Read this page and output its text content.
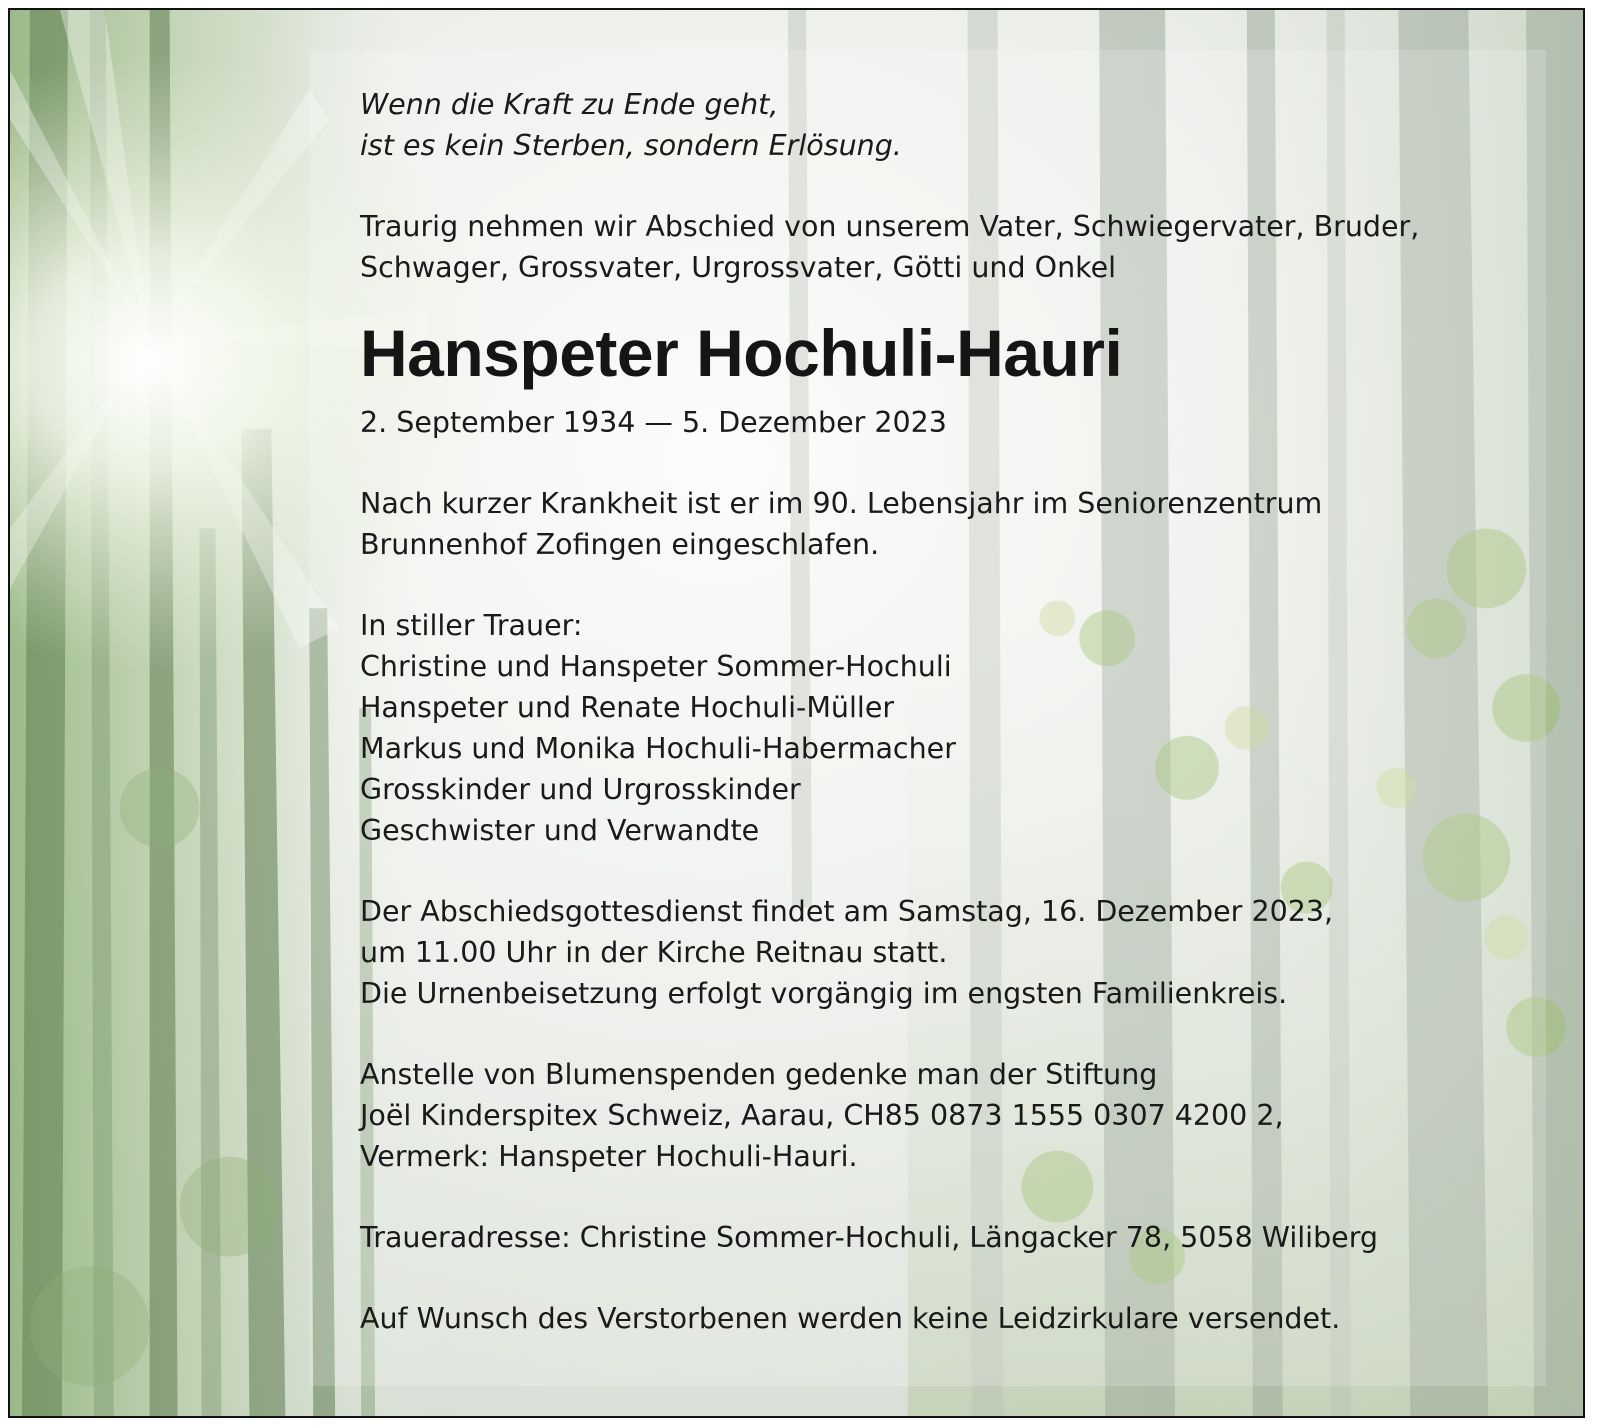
Wenn die Kraft zu Ende geht,
ist es kein Sterben, sondern Erlösung.
Traurig nehmen wir Abschied von unserem Vater, Schwiegervater, Bruder,
Schwager, Grossvater, Urgrossvater, Götti und Onkel
Hanspeter Hochuli-Hauri
2. September 1934 — 5. Dezember 2023
Nach kurzer Krankheit ist er im 90. Lebensjahr im Seniorenzentrum
Brunnenhof Zofingen eingeschlafen.
In stiller Trauer:
Christine und Hanspeter Sommer-Hochuli
Hanspeter und Renate Hochuli-Müller
Markus und Monika Hochuli-Habermacher
Grosskinder und Urgrosskinder
Geschwister und Verwandte
Der Abschiedsgottesdienst findet am Samstag, 16. Dezember 2023,
um 11.00 Uhr in der Kirche Reitnau statt.
Die Urnenbeisetzung erfolgt vorgängig im engsten Familienkreis.
Anstelle von Blumenspenden gedenke man der Stiftung
Joël Kinderspitex Schweiz, Aarau, CH85 0873 1555 0307 4200 2,
Vermerk: Hanspeter Hochuli-Hauri.
Traueradresse: Christine Sommer-Hochuli, Längacker 78, 5058 Wiliberg
Auf Wunsch des Verstorbenen werden keine Leidzirkulare versendet.
